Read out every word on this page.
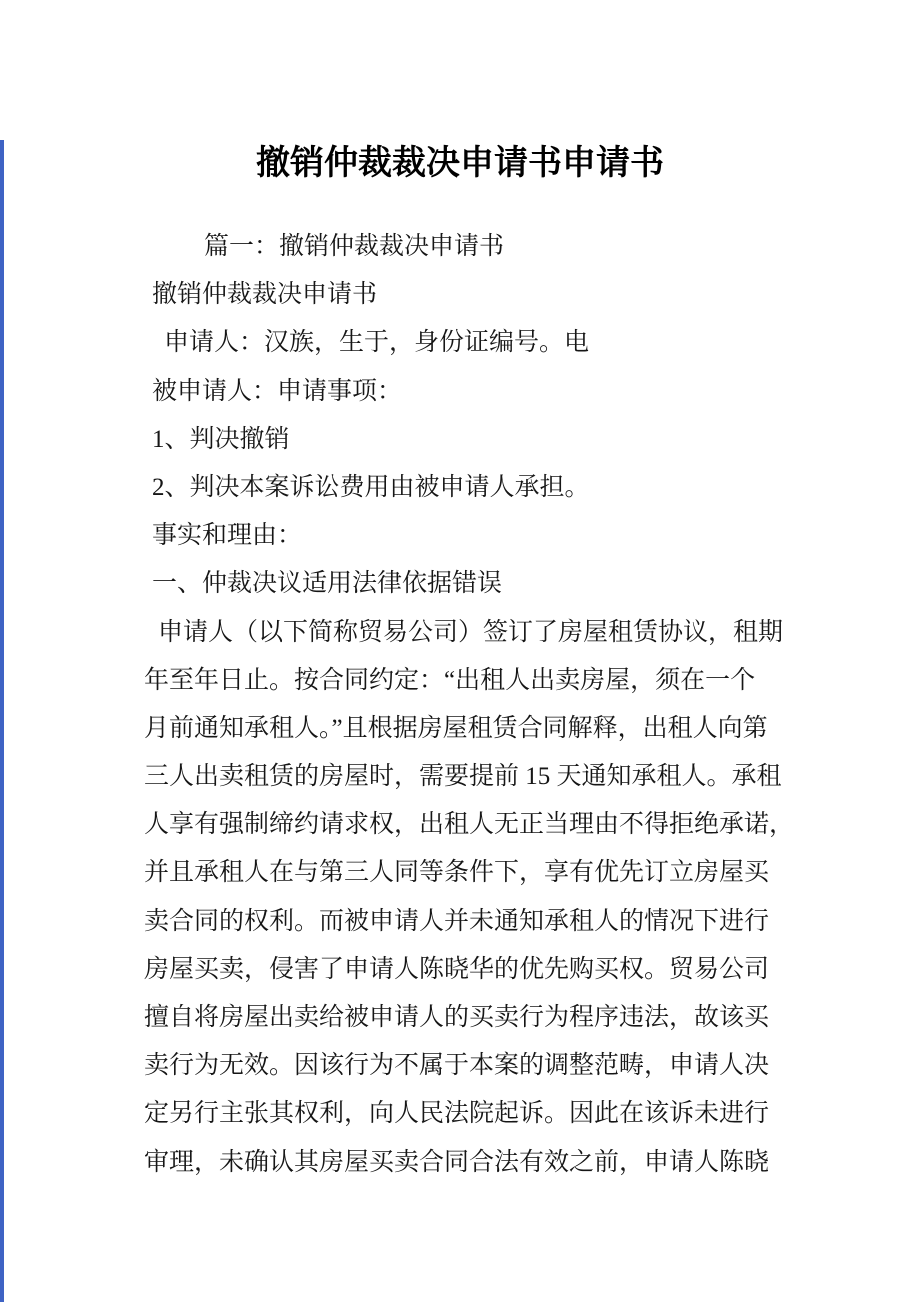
撤销仲裁裁决申请书申请书
篇一：撤销仲裁裁决申请书
撤销仲裁裁决申请书
申请人：汉族，生于，身份证编号。电
被申请人：申请事项：
1、判决撤销
2、判决本案诉讼费用由被申请人承担。
事实和理由：
一、仲裁决议适用法律依据错误
申请人（以下简称贸易公司）签订了房屋租赁协议，租期
年至年日止。按合同约定：“出租人出卖房屋，须在一个
月前通知承租人。”且根据房屋租赁合同解释，出租人向第
三人出卖租赁的房屋时，需要提前 15 天通知承租人。承租
人享有强制缔约请求权，出租人无正当理由不得拒绝承诺，
并且承租人在与第三人同等条件下，享有优先订立房屋买
卖合同的权利。而被申请人并未通知承租人的情况下进行
房屋买卖，侵害了申请人陈晓华的优先购买权。贸易公司
擅自将房屋出卖给被申请人的买卖行为程序违法，故该买
卖行为无效。因该行为不属于本案的调整范畴，申请人决
定另行主张其权利，向人民法院起诉。因此在该诉未进行
审理，未确认其房屋买卖合同合法有效之前，申请人陈晓
